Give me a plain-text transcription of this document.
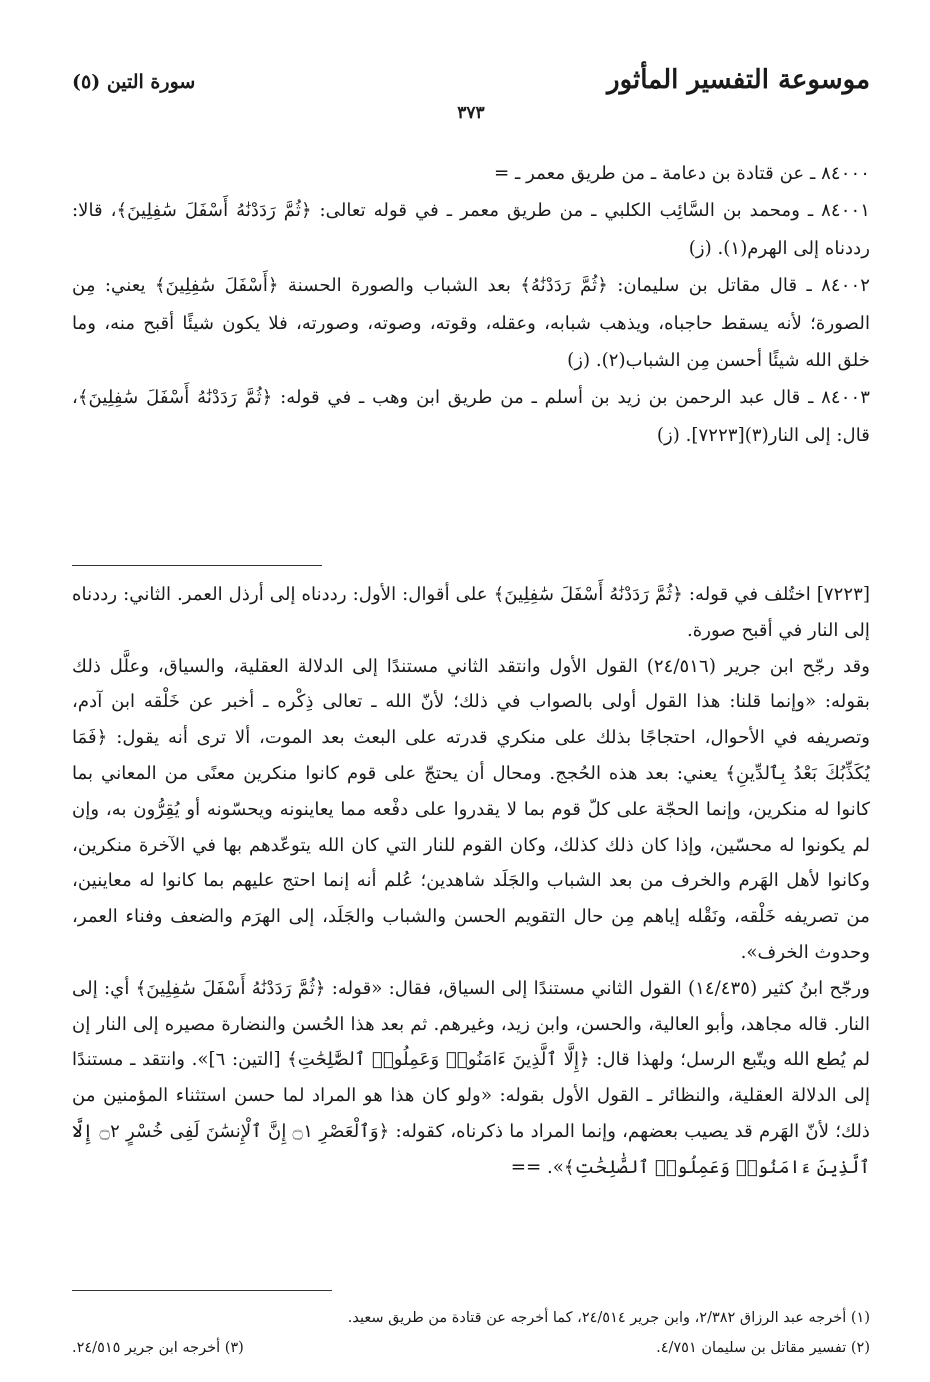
موسوعة التفسير المأثور
سورة التين (٥)
٣٧٣

٨٤٠٠٠ ـ عن قتادة بن دعامة ـ من طريق معمر ـ =

٨٤٠٠١ ـ ومحمد بن السَّائِب الكلبي ـ من طريق معمر ـ في قوله تعالى: ﴿ثُمَّ رَدَدْنَٰهُ أَسْفَلَ سَٰفِلِينَ﴾، قالا: رددناه إلى الهرم(١). (ز)

٨٤٠٠٢ ـ قال مقاتل بن سليمان: ﴿ثُمَّ رَدَدْنَٰهُ﴾ بعد الشباب والصورة الحسنة ﴿أَسْفَلَ سَٰفِلِينَ﴾ يعني: مِن الصورة؛ لأنه يسقط حاجباه، ويذهب شبابه، وعقله، وقوته، وصوته، وصورته، فلا يكون شيئًا أقبح منه، وما خلق الله شيئًا أحسن مِن الشباب(٢). (ز)

٨٤٠٠٣ ـ قال عبد الرحمن بن زيد بن أسلم ـ من طريق ابن وهب ـ في قوله: ﴿ثُمَّ رَدَدْنَٰهُ أَسْفَلَ سَٰفِلِينَ﴾، قال: إلى النار(٣)[٧٢٢٣]. (ز)

[٧٢٢٣] اختُلف في قوله: ﴿ثُمَّ رَدَدْنَٰهُ أَسْفَلَ سَٰفِلِينَ﴾ على أقوال: الأول: رددناه إلى أرذل العمر. الثاني: رددناه إلى النار في أقبح صورة.

وقد رجّح ابن جرير (٢٤/٥١٦) القول الأول وانتقد الثاني مستندًا إلى الدلالة العقلية، والسياق، وعلَّل ذلك بقوله: «وإنما قلنا: هذا القول أولى بالصواب في ذلك؛ لأنّ الله ـ تعالى ذِكْره ـ أخبر عن خَلْقه ابن آدم، وتصريفه في الأحوال، احتجاجًا بذلك على منكري قدرته على البعث بعد الموت، ألا ترى أنه يقول: ﴿فَمَا يُكَذِّبُكَ بَعْدُ بِٱلدِّينِ﴾ يعني: بعد هذه الحُجج. ومحال أن يحتجّ على قوم كانوا منكرين معنًى من المعاني بما كانوا له منكرين، وإنما الحجّة على كلّ قوم بما لا يقدروا على دفْعه مما يعاينونه ويحسّونه أو يُقِرُّون به، وإن لم يكونوا له محسّين، وإذا كان ذلك كذلك، وكان القوم للنار التي كان الله يتوعّدهم بها في الآخرة منكرين، وكانوا لأهل الهَرم والخرف من بعد الشباب والجَلَد شاهدين؛ عُلم أنه إنما احتج عليهم بما كانوا له معاينين، من تصريفه خَلْقه، ونَقْله إياهم مِن حال التقويم الحسن والشباب والجَلَد، إلى الهرَم والضعف وفناء العمر، وحدوث الخرف».

ورجّح ابنُ كثير (١٤/٤٣٥) القول الثاني مستندًا إلى السياق، فقال: «قوله: ﴿ثُمَّ رَدَدْنَٰهُ أَسْفَلَ سَٰفِلِينَ﴾ أي: إلى النار. قاله مجاهد، وأبو العالية، والحسن، وابن زيد، وغيرهم. ثم بعد هذا الحُسن والنضارة مصيره إلى النار إن لم يُطع الله ويتّبع الرسل؛ ولهذا قال: ﴿إِلَّا ٱلَّذِينَ ءَامَنُوا۟ وَعَمِلُوا۟ ٱلصَّٰلِحَٰتِ﴾ [التين: ٦]». وانتقد ـ مستندًا إلى الدلالة العقلية، والنظائر ـ القول الأول بقوله: «ولو كان هذا هو المراد لما حسن استثناء المؤمنين من ذلك؛ لأنّ الهَرم قد يصيب بعضهم، وإنما المراد ما ذكرناه، كقوله: ﴿وَٱلْعَصْرِ ۝١ إِنَّ ٱلْإِنسَٰنَ لَفِى خُسْرٍ ۝٢ إِلَّا ٱلَّذِينَ ءَامَنُوا۟ وَعَمِلُوا۟ ٱلصَّٰلِحَٰتِ﴾». ==

(١) أخرجه عبد الرزاق ٢/٣٨٢، وابن جرير ٢٤/٥١٤، كما أخرجه عن قتادة من طريق سعيد.
(٢) تفسير مقاتل بن سليمان ٤/٧٥١.
(٣) أخرجه ابن جرير ٢٤/٥١٥.
